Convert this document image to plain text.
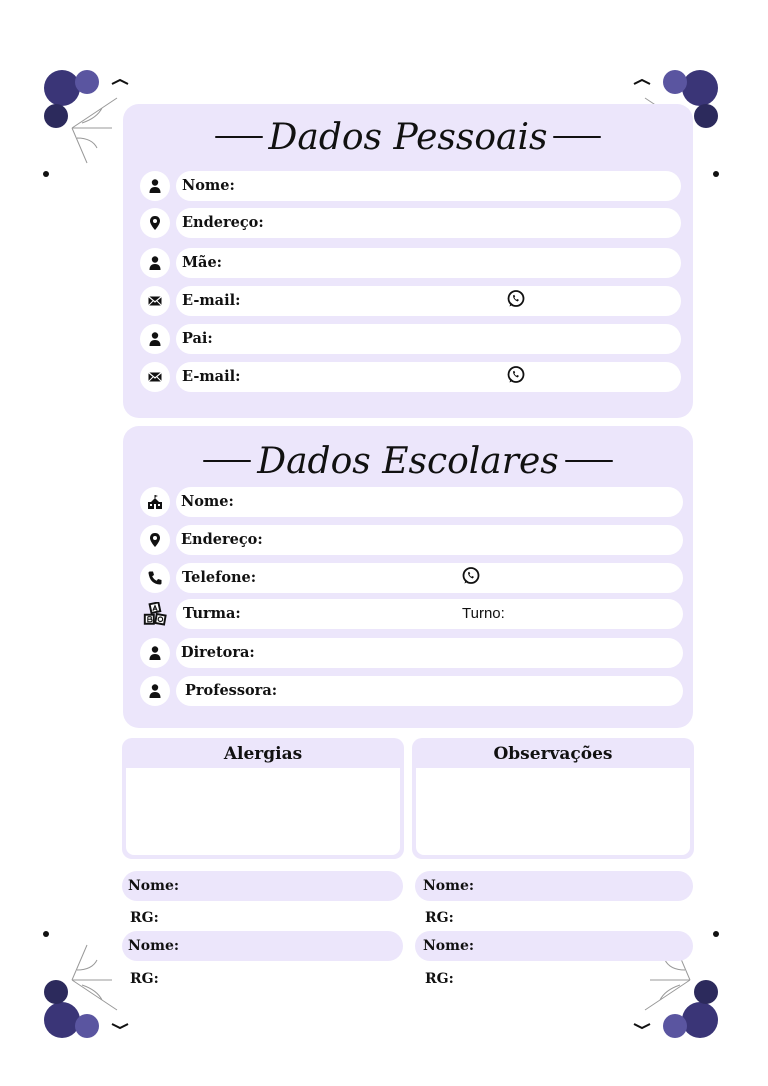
Dados Pessoais
Nome:
Endereço:
Mãe:
E-mail:
Pai:
E-mail:
Dados Escolares
Nome:
Endereço:
Telefone:
Turma:	Turno:
Diretora:
Professora:
Alergias	Observações
Nome:	Nome:
RG:	RG:
Nome:	Nome:
RG:	RG:
